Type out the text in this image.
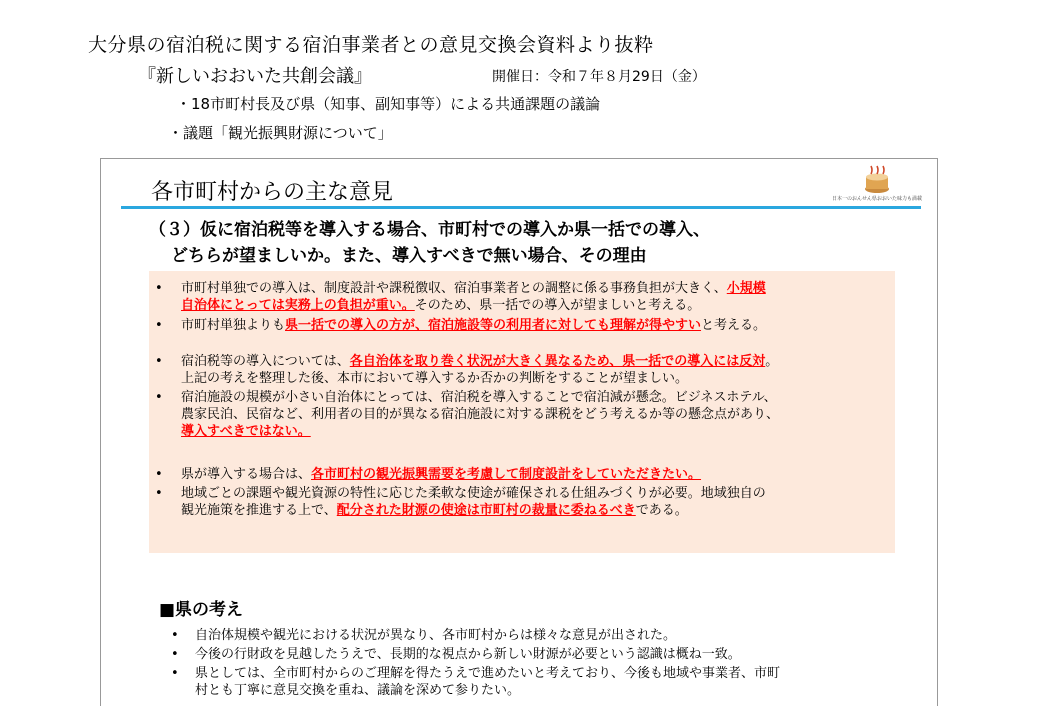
大分県の宿泊税に関する宿泊事業者との意見交換会資料より抜粋
『新しいおおいた共創会議』	開催日：令和７年８月29日（金）
・18市町村長及び県（知事、副知事等）による共通課題の議論
・議題「観光振興財源について」
各市町村からの主な意見	日本一のおんせん県おおいた味力も満載
（３）仮に宿泊税等を導入する場合、市町村での導入か県一括での導入、
どちらが望ましいか。また、導入すべきで無い場合、その理由
• 市町村単独での導入は、制度設計や課税徴収、宿泊事業者との調整に係る事務負担が大きく、小規模
自治体にとっては実務上の負担が重い。そのため、県一括での導入が望ましいと考える。
• 市町村単独よりも県一括での導入の方が、宿泊施設等の利用者に対しても理解が得やすいと考える。
• 宿泊税等の導入については、各自治体を取り巻く状況が大きく異なるため、県一括での導入には反対。
上記の考えを整理した後、本市において導入するか否かの判断をすることが望ましい。
• 宿泊施設の規模が小さい自治体にとっては、宿泊税を導入することで宿泊減が懸念。ビジネスホテル、
農家民泊、民宿など、利用者の目的が異なる宿泊施設に対する課税をどう考えるか等の懸念点があり、
導入すべきではない。
• 県が導入する場合は、各市町村の観光振興需要を考慮して制度設計をしていただきたい。
• 地域ごとの課題や観光資源の特性に応じた柔軟な使途が確保される仕組みづくりが必要。地域独自の
観光施策を推進する上で、配分された財源の使途は市町村の裁量に委ねるべきである。
■県の考え
• 自治体規模や観光における状況が異なり、各市町村からは様々な意見が出された。
• 今後の行財政を見越したうえで、長期的な視点から新しい財源が必要という認識は概ね一致。
• 県としては、全市町村からのご理解を得たうえで進めたいと考えており、今後も地域や事業者、市町
村とも丁寧に意見交換を重ね、議論を深めて参りたい。
